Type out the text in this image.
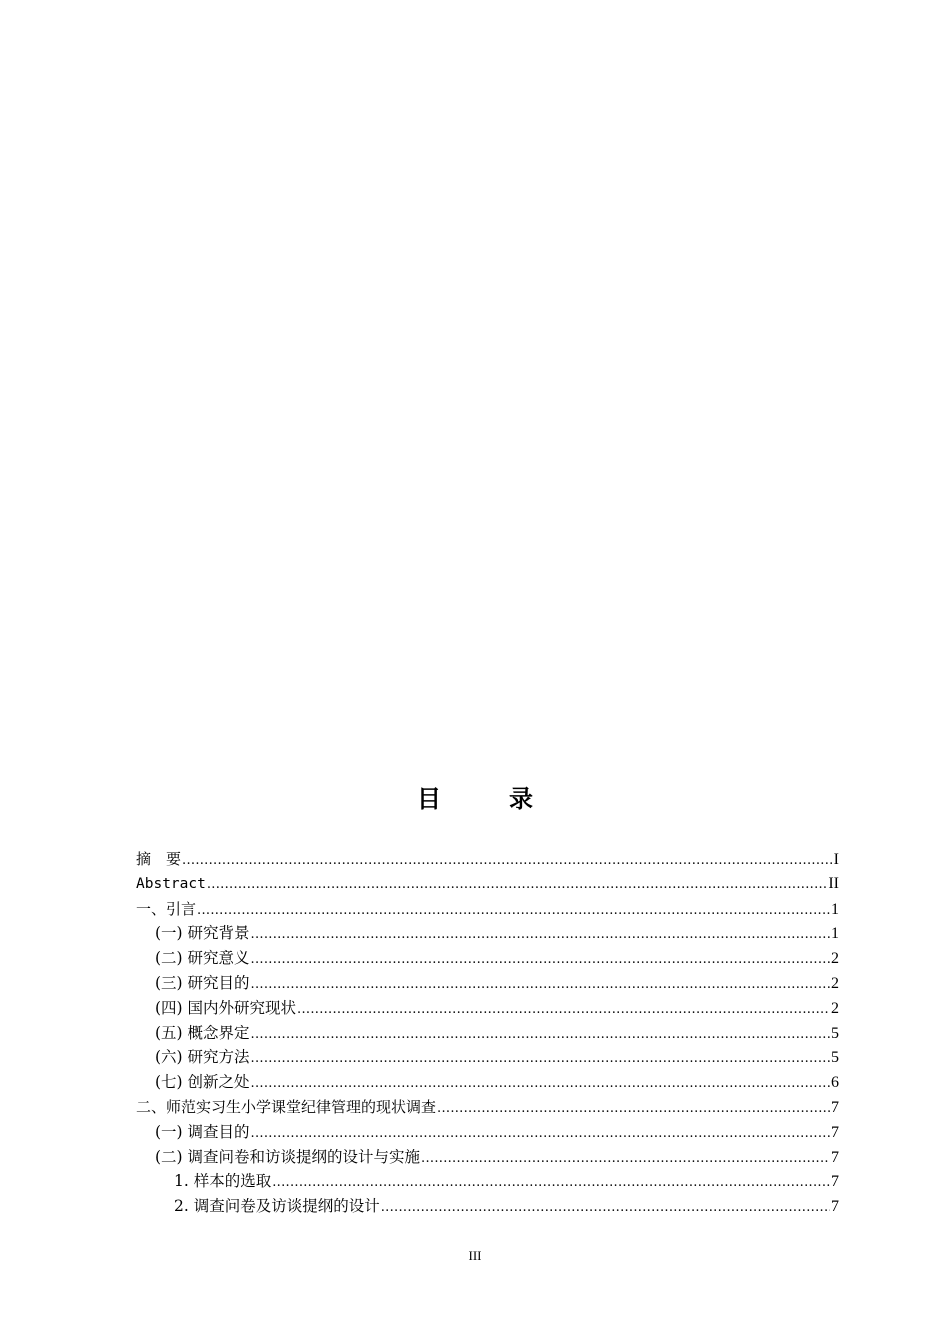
目　录
摘　要 .....	I
Abstract .....	II
一、引言 .....	1
(一) 研究背景 .....	1
(二) 研究意义 .....	2
(三) 研究目的 .....	2
(四) 国内外研究现状 .....	2
(五) 概念界定 .....	5
(六) 研究方法 .....	5
(七) 创新之处 .....	6
二、师范实习生小学课堂纪律管理的现状调查 .....	7
(一) 调查目的 .....	7
(二) 调查问卷和访谈提纲的设计与实施 .....	7
1. 样本的选取 .....	7
2. 调查问卷及访谈提纲的设计 .....	7
III
